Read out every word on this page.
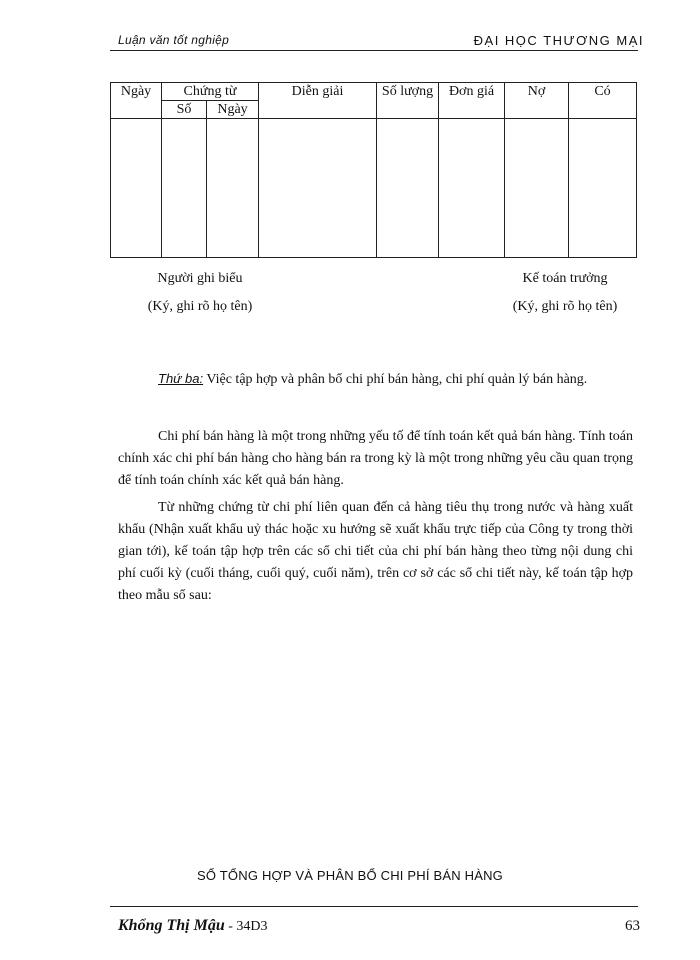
Luận văn tốt nghiệp	ĐẠI HỌC THƯƠNG MẠI
Ngày	Chứng từ		Diễn giải	Số lượng	Đơn giá	Nợ	Có
	Số	Ngày					

Người ghi biểu
(Ký, ghi rõ họ tên)
Kế toán trưởng
(Ký, ghi rõ họ tên)
Thứ ba: Việc tập hợp và phân bổ chi phí bán hàng, chi phí quản lý bán hàng.
Chi phí bán hàng là một trong những yếu tố để tính toán kết quả bán hàng. Tính toán chính xác chi phí bán hàng cho hàng bán ra trong kỳ là một trong những yêu cầu quan trọng để tính toán chính xác kết quả bán hàng.
Từ những chứng từ chi phí liên quan đến cả hàng tiêu thụ trong nước và hàng xuất khẩu (Nhận xuất khẩu uỷ thác hoặc xu hướng sẽ xuất khẩu trực tiếp của Công ty trong thời gian tới), kế toán tập hợp trên các sổ chi tiết của chi phí bán hàng theo từng nội dung chi phí cuối kỳ (cuối tháng, cuối quý, cuối năm), trên cơ sở các sổ chi tiết này, kế toán tập hợp theo mẫu sổ sau:
SỔ TỔNG HỢP VÀ PHÂN BỔ CHI PHÍ BÁN HÀNG
Khổng Thị Mậu - 34D3	63
